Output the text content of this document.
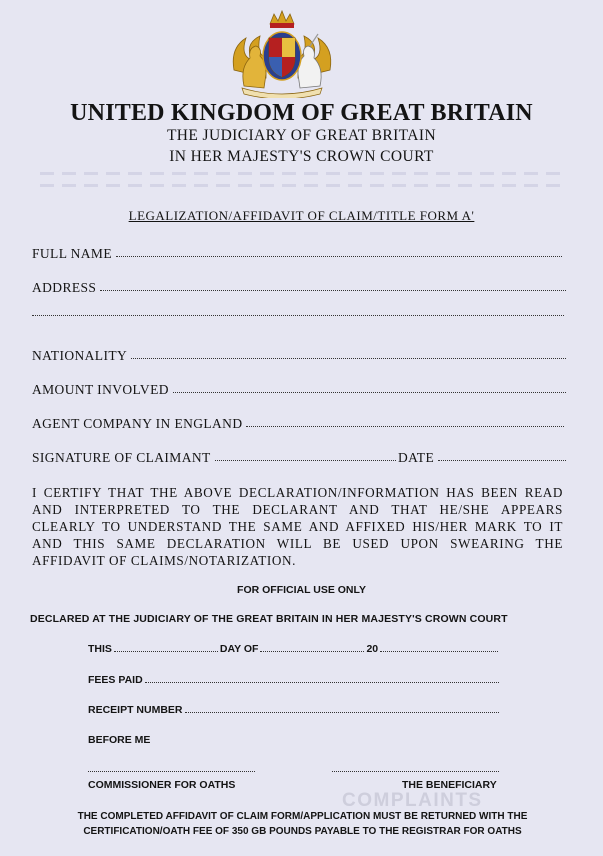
UNITED KINGDOM OF GREAT BRITAIN
THE JUDICIARY OF GREAT BRITAIN
IN HER MAJESTY'S CROWN COURT
LEGALIZATION/AFFIDAVIT OF CLAIM/TITLE FORM A'
FULL NAME
ADDRESS
NATIONALITY
AMOUNT INVOLVED
AGENT COMPANY IN ENGLAND
SIGNATURE OF CLAIMANT	DATE
I CERTIFY THAT THE ABOVE DECLARATION/INFORMATION HAS BEEN READ AND INTERPRETED TO THE DECLARANT AND THAT HE/SHE APPEARS CLEARLY TO UNDERSTAND THE SAME AND AFFIXED HIS/HER MARK TO IT AND THIS SAME DECLARATION WILL BE USED UPON SWEARING THE AFFIDAVIT OF CLAIMS/NOTARIZATION.
FOR OFFICIAL USE ONLY
DECLARED AT THE JUDICIARY OF THE GREAT BRITAIN IN HER MAJESTY'S CROWN COURT
THIS	DAY OF	20
FEES PAID
RECEIPT NUMBER
BEFORE ME
COMMISSIONER FOR OATHS	THE BENEFICIARY
COMPLAINTS
THE COMPLETED AFFIDAVIT OF CLAIM FORM/APPLICATION MUST BE RETURNED WITH THE
CERTIFICATION/OATH FEE OF 350 GB POUNDS PAYABLE TO THE REGISTRAR FOR OATHS
